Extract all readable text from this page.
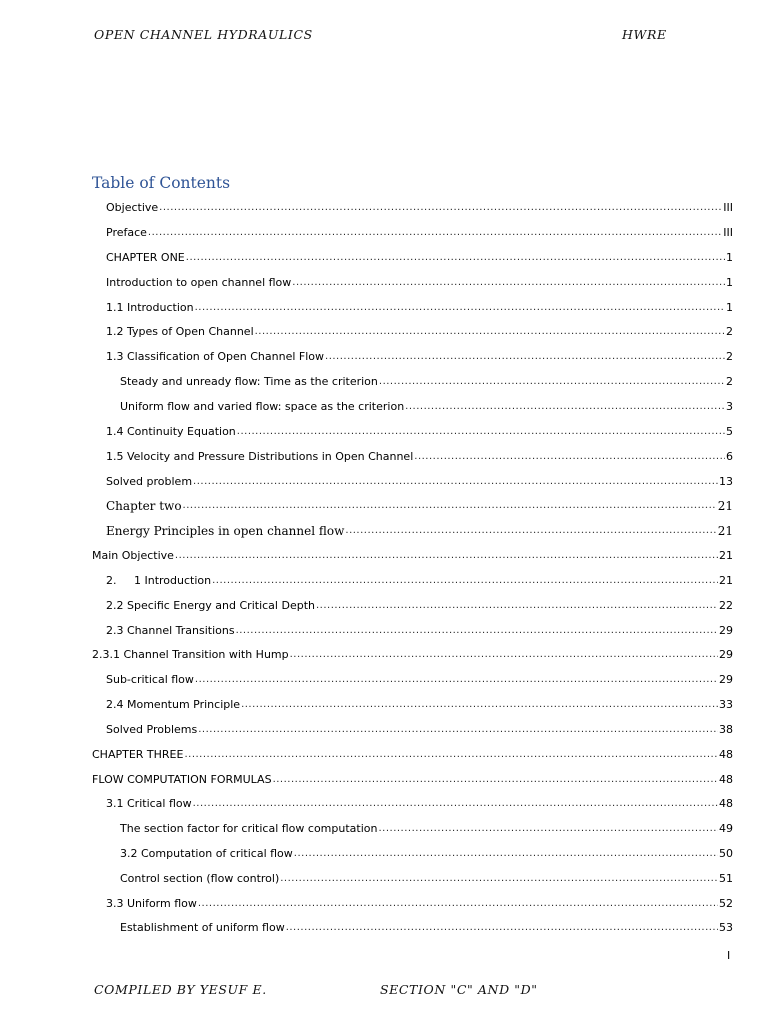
OPEN CHANNEL HYDRAULICS	HWRE
Table of Contents
Objective .....	III
Preface .....	III
CHAPTER ONE .....	1
Introduction to open channel flow .....	1
1.1 Introduction .....	1
1.2 Types of Open Channel .....	2
1.3 Classification of Open Channel Flow .....	2
Steady and unready flow: Time as the criterion .....	2
Uniform flow and varied flow: space as the criterion .....	3
1.4 Continuity Equation .....	5
1.5 Velocity and Pressure Distributions in Open Channel .....	6
Solved problem .....	13
Chapter two .....	21
Energy Principles in open channel flow .....	21
Main Objective .....	21
2. 1 Introduction .....	21
2.2 Specific Energy and Critical Depth .....	22
2.3 Channel Transitions .....	29
2.3.1 Channel Transition with Hump .....	29
Sub-critical flow .....	29
2.4 Momentum Principle .....	33
Solved Problems .....	38
CHAPTER THREE .....	48
FLOW COMPUTATION FORMULAS .....	48
3.1 Critical flow .....	48
The section factor for critical flow computation .....	49
3.2 Computation of critical flow .....	50
Control section (flow control) .....	51
3.3 Uniform flow .....	52
Establishment of uniform flow .....	53
I
COMPILED BY YESUF E.	SECTION "C" AND "D"
